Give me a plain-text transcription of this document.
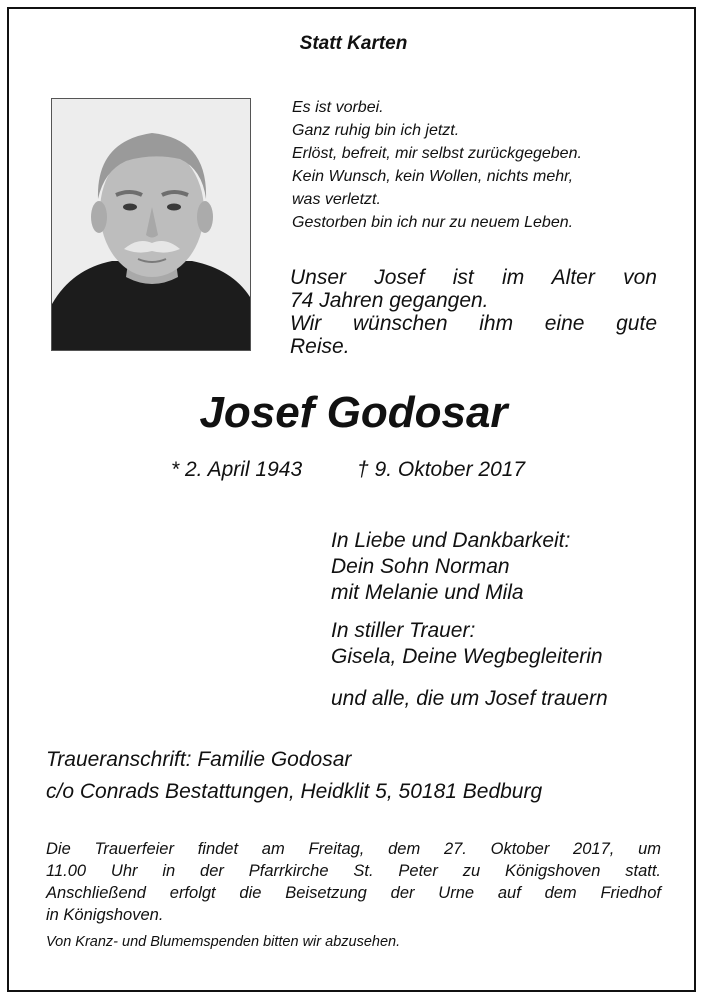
Statt Karten
Es ist vorbei.
Ganz ruhig bin ich jetzt.
Erlöst, befreit, mir selbst zurückgegeben.
Kein Wunsch, kein Wollen, nichts mehr,
was verletzt.
Gestorben bin ich nur zu neuem Leben.
Unser Josef ist im Alter von
74 Jahren gegangen.
Wir wünschen ihm eine gute
Reise.
Josef Godosar
* 2. April 1943	† 9. Oktober 2017
In Liebe und Dankbarkeit:
Dein Sohn Norman
mit Melanie und Mila
In stiller Trauer:
Gisela, Deine Wegbegleiterin
und alle, die um Josef trauern
Traueranschrift: Familie Godosar
c/o Conrads Bestattungen, Heidklit 5, 50181 Bedburg
Die Trauerfeier findet am Freitag, dem 27. Oktober 2017, um
11.00 Uhr in der Pfarrkirche St. Peter zu Königshoven statt.
Anschließend erfolgt die Beisetzung der Urne auf dem Friedhof
in Königshoven.
Von Kranz- und Blumemspenden bitten wir abzusehen.
